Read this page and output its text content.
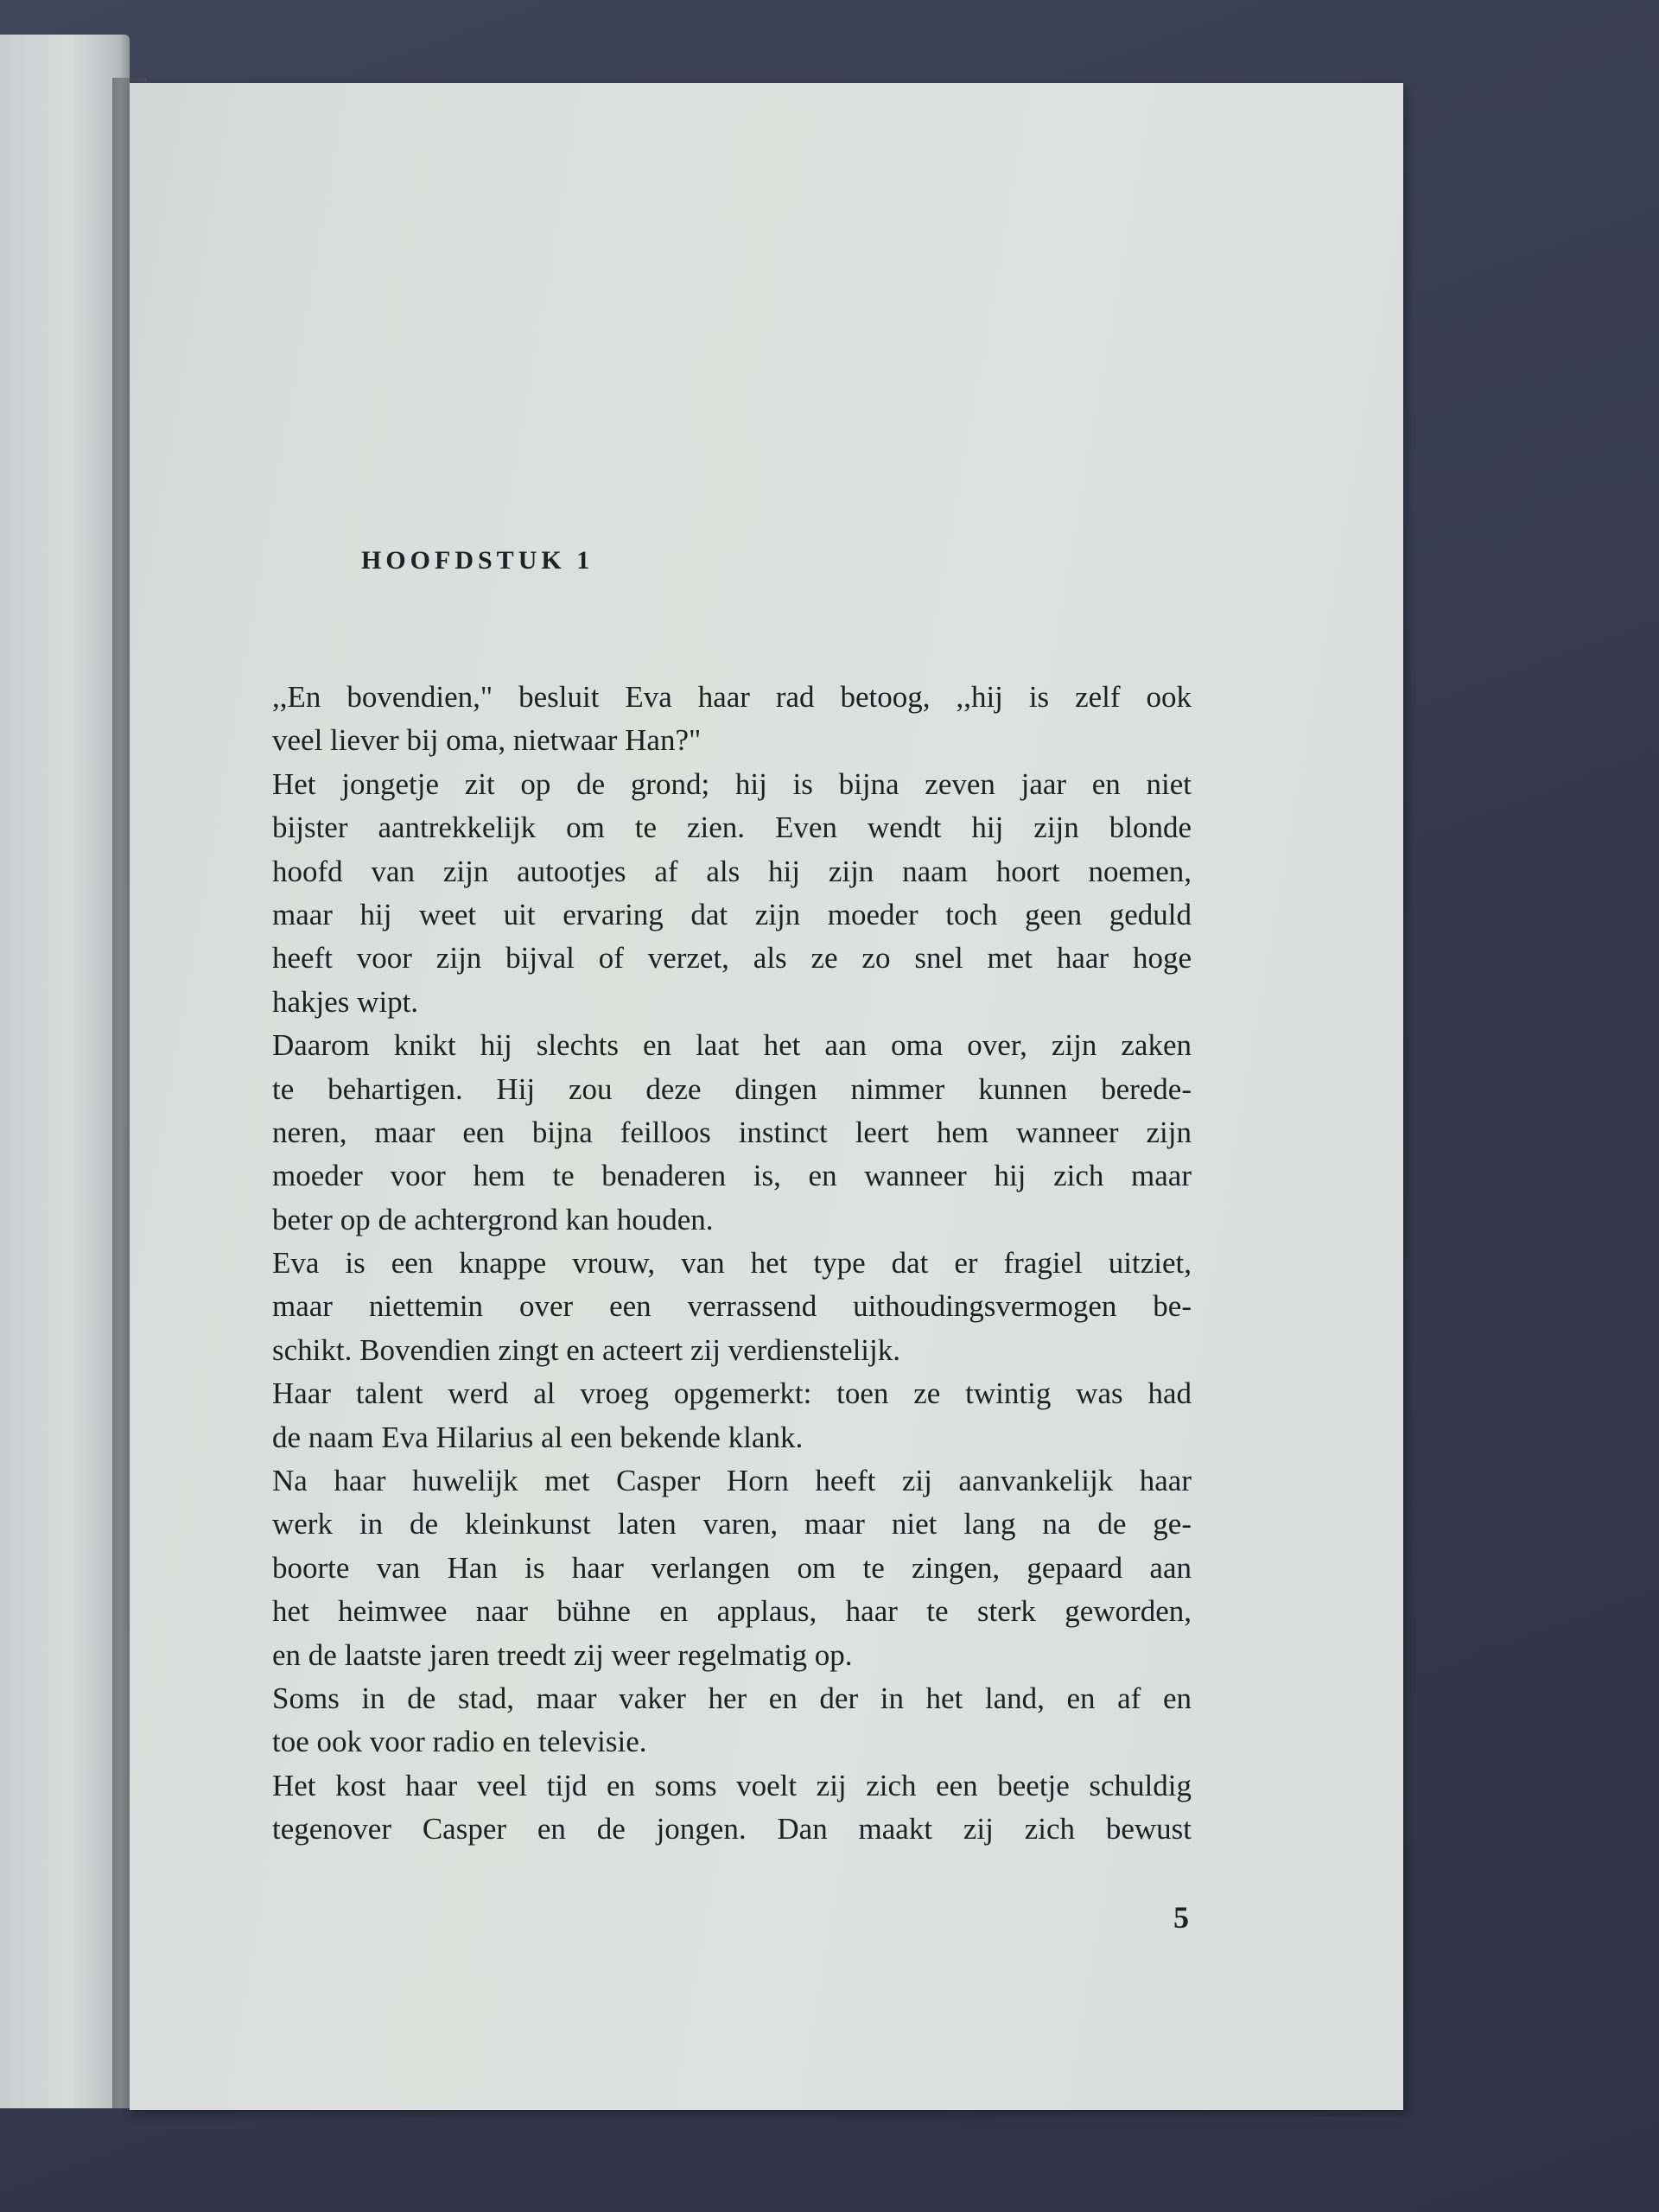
HOOFDSTUK 1
,,En bovendien," besluit Eva haar rad betoog, ,,hij is zelf ook
veel liever bij oma, nietwaar Han?"
Het jongetje zit op de grond; hij is bijna zeven jaar en niet
bijster aantrekkelijk om te zien. Even wendt hij zijn blonde
hoofd van zijn autootjes af als hij zijn naam hoort noemen,
maar hij weet uit ervaring dat zijn moeder toch geen geduld
heeft voor zijn bijval of verzet, als ze zo snel met haar hoge
hakjes wipt.
Daarom knikt hij slechts en laat het aan oma over, zijn zaken
te behartigen. Hij zou deze dingen nimmer kunnen berede-
neren, maar een bijna feilloos instinct leert hem wanneer zijn
moeder voor hem te benaderen is, en wanneer hij zich maar
beter op de achtergrond kan houden.
Eva is een knappe vrouw, van het type dat er fragiel uitziet,
maar niettemin over een verrassend uithoudingsvermogen be-
schikt. Bovendien zingt en acteert zij verdienstelijk.
Haar talent werd al vroeg opgemerkt: toen ze twintig was had
de naam Eva Hilarius al een bekende klank.
Na haar huwelijk met Casper Horn heeft zij aanvankelijk haar
werk in de kleinkunst laten varen, maar niet lang na de ge-
boorte van Han is haar verlangen om te zingen, gepaard aan
het heimwee naar bühne en applaus, haar te sterk geworden,
en de laatste jaren treedt zij weer regelmatig op.
Soms in de stad, maar vaker her en der in het land, en af en
toe ook voor radio en televisie.
Het kost haar veel tijd en soms voelt zij zich een beetje schuldig
tegenover Casper en de jongen. Dan maakt zij zich bewust

5
